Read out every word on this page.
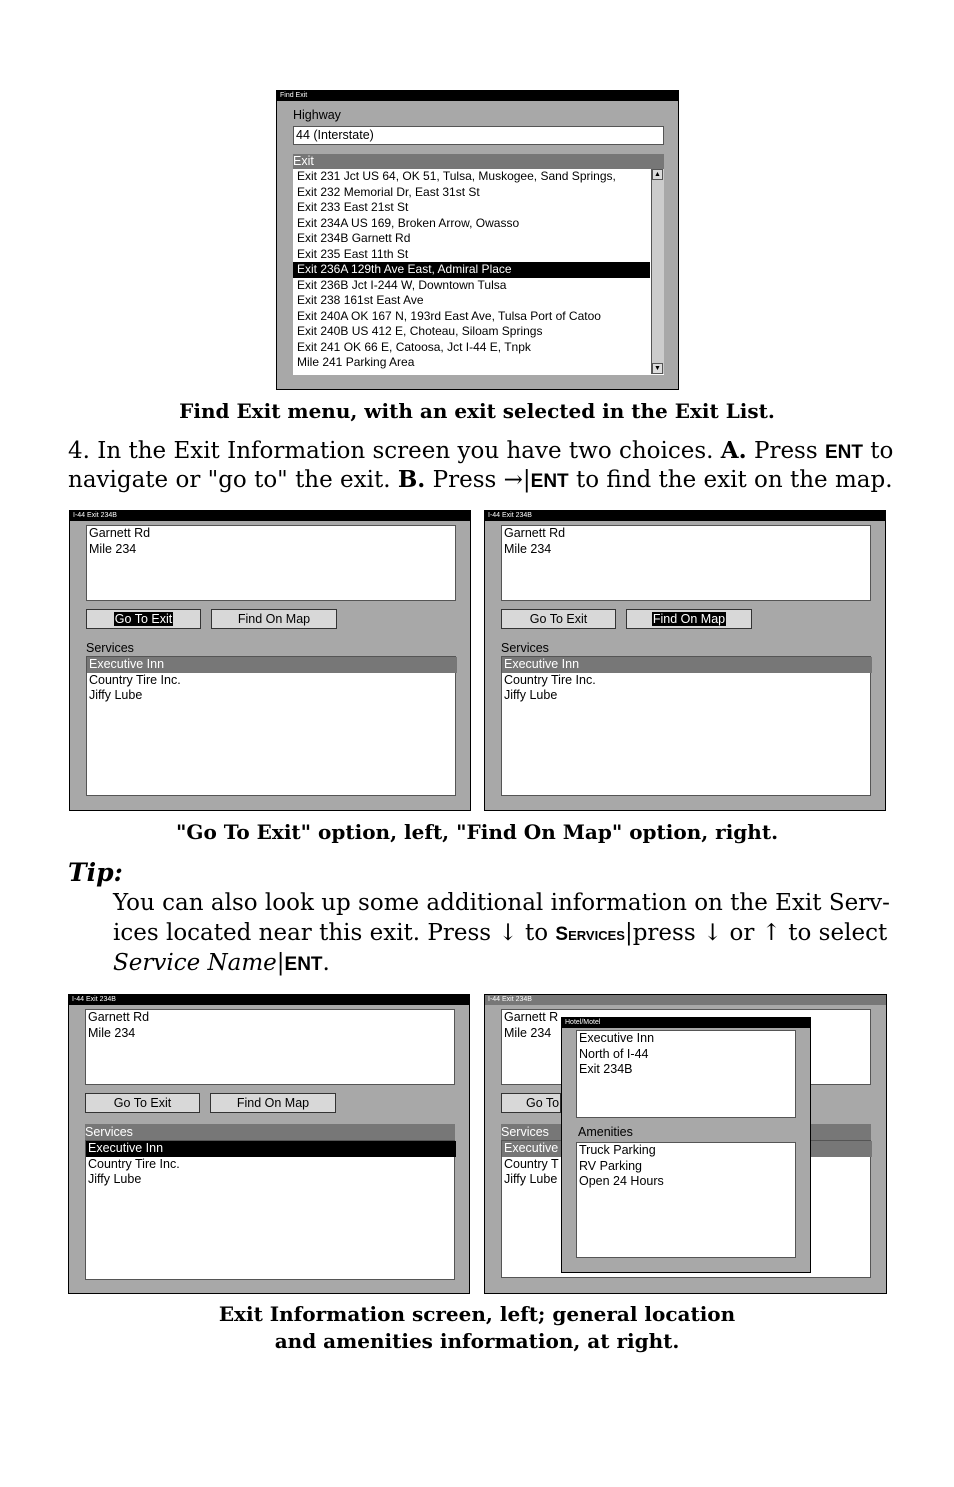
Find Exit
Highway
44 (Interstate)
Exit
Exit 231 Jct US 64, OK 51, Tulsa, Muskogee, Sand Springs,
Exit 232 Memorial Dr, East 31st St
Exit 233 East 21st St
Exit 234A US 169, Broken Arrow, Owasso
Exit 234B Garnett Rd
Exit 235 East 11th St
Exit 236A 129th Ave East, Admiral Place
Exit 236B Jct I-244 W, Downtown Tulsa
Exit 238 161st East Ave
Exit 240A OK 167 N, 193rd East Ave, Tulsa Port of Catoo
Exit 240B US 412 E, Choteau, Siloam Springs
Exit 241 OK 66 E, Catoosa, Jct I-44 E, Tnpk
Mile 241 Parking Area
▲
▼
Find Exit menu, with an exit selected in the Exit List.
4. In the Exit Information screen you have two choices. A. Press ENT to
navigate or "go to" the exit. B. Press →|ENT to find the exit on the map.
I-44 Exit 234B
Garnett Rd
Mile 234
Go To Exit	Find On Map
Services
Executive Inn
Country Tire Inc.
Jiffy Lube
I-44 Exit 234B
Garnett Rd
Mile 234
Go To Exit	Find On Map
Services
Executive Inn
Country Tire Inc.
Jiffy Lube
"Go To Exit" option, left, "Find On Map" option, right.
Tip:
You can also look up some additional information on the Exit Serv-
ices located near this exit. Press ↓ to Services|press ↓ or ↑ to select
Service Name|ENT.
I-44 Exit 234B
Garnett Rd
Mile 234
Go To Exit	Find On Map
Services
Executive Inn
Country Tire Inc.
Jiffy Lube
I-44 Exit 234B
Garnett R
Mile 234
Go To
Services
Executive
Country T
Jiffy Lube
Hotel/Motel
Executive Inn
North of I-44
Exit 234B
Amenities
Truck Parking
RV Parking
Open 24 Hours
Exit Information screen, left; general location
and amenities information, at right.
